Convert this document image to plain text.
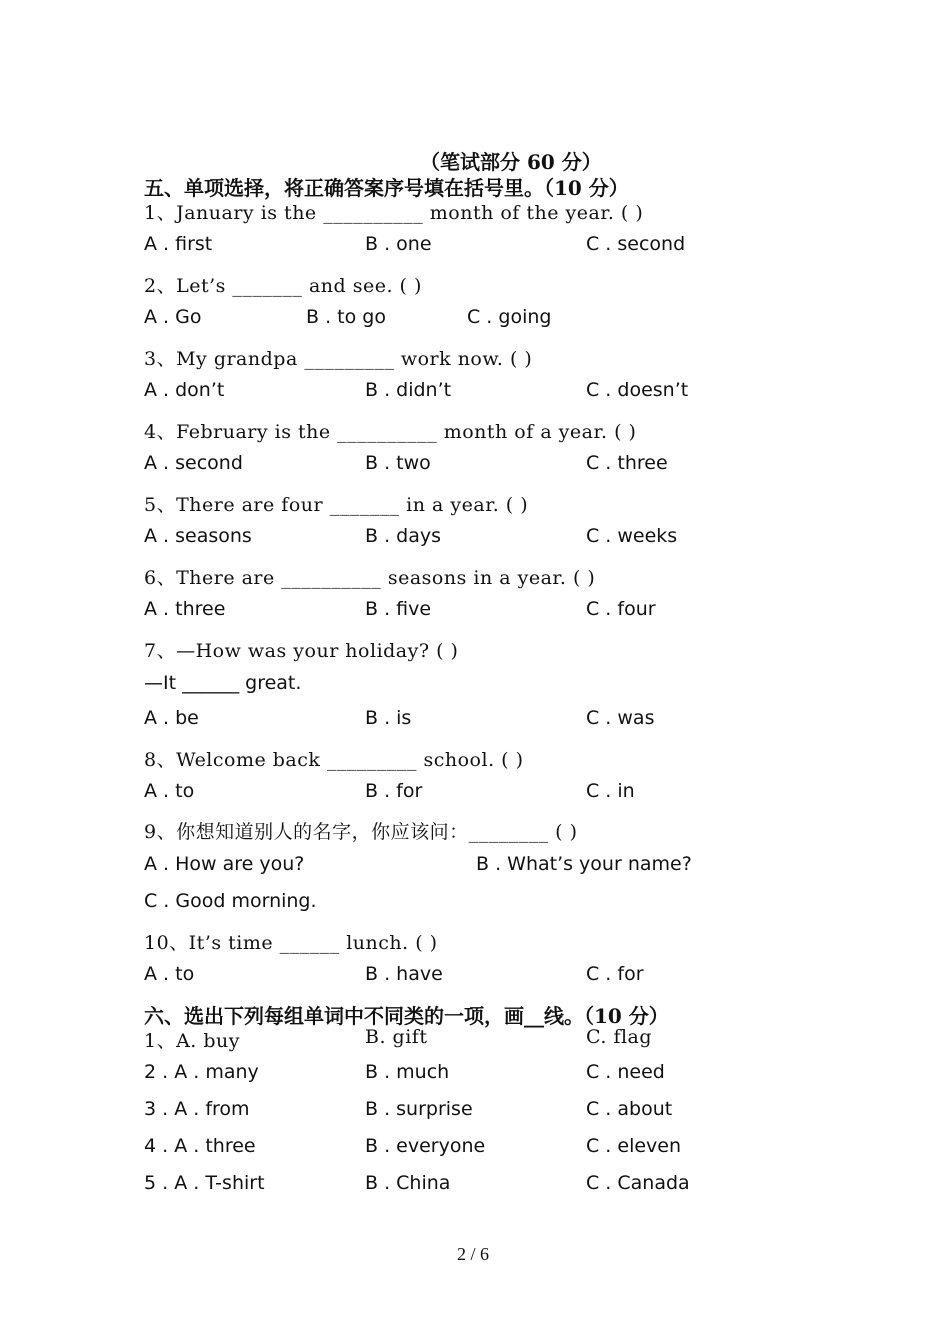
（笔试部分 60 分）
五、单项选择，将正确答案序号填在括号里。（10 分）
1、January is the __________ month of the year. ( )
A . first	B . one	C . second
2、Let’s _______ and see. ( )
A . Go	B . to go	C . going
3、My grandpa _________ work now. ( )
A . don’t	B . didn’t	C . doesn’t
4、February is the __________ month of a year. ( )
A . second	B . two	C . three
5、There are four _______ in a year. ( )
A . seasons	B . days	C . weeks
6、There are __________ seasons in a year. ( )
A . three	B . five	C . four
7、—How was your holiday? ( )
—It ______ great.
A . be	B . is	C . was
8、Welcome back _________ school. ( )
A . to	B . for	C . in
9、你想知道别人的名字，你应该问：________ ( )
A . How are you?	B . What’s your name?
C . Good morning.
10、It’s time ______ lunch. ( )
A . to	B . have	C . for
六、选出下列每组单词中不同类的一项，画__线。（10 分）
1、A. buy	B. gift	C. flag
2 . A . many	B . much	C . need
3 . A . from	B . surprise	C . about
4 . A . three	B . everyone	C . eleven
5 . A . T-shirt	B . China	C . Canada
2 / 6
